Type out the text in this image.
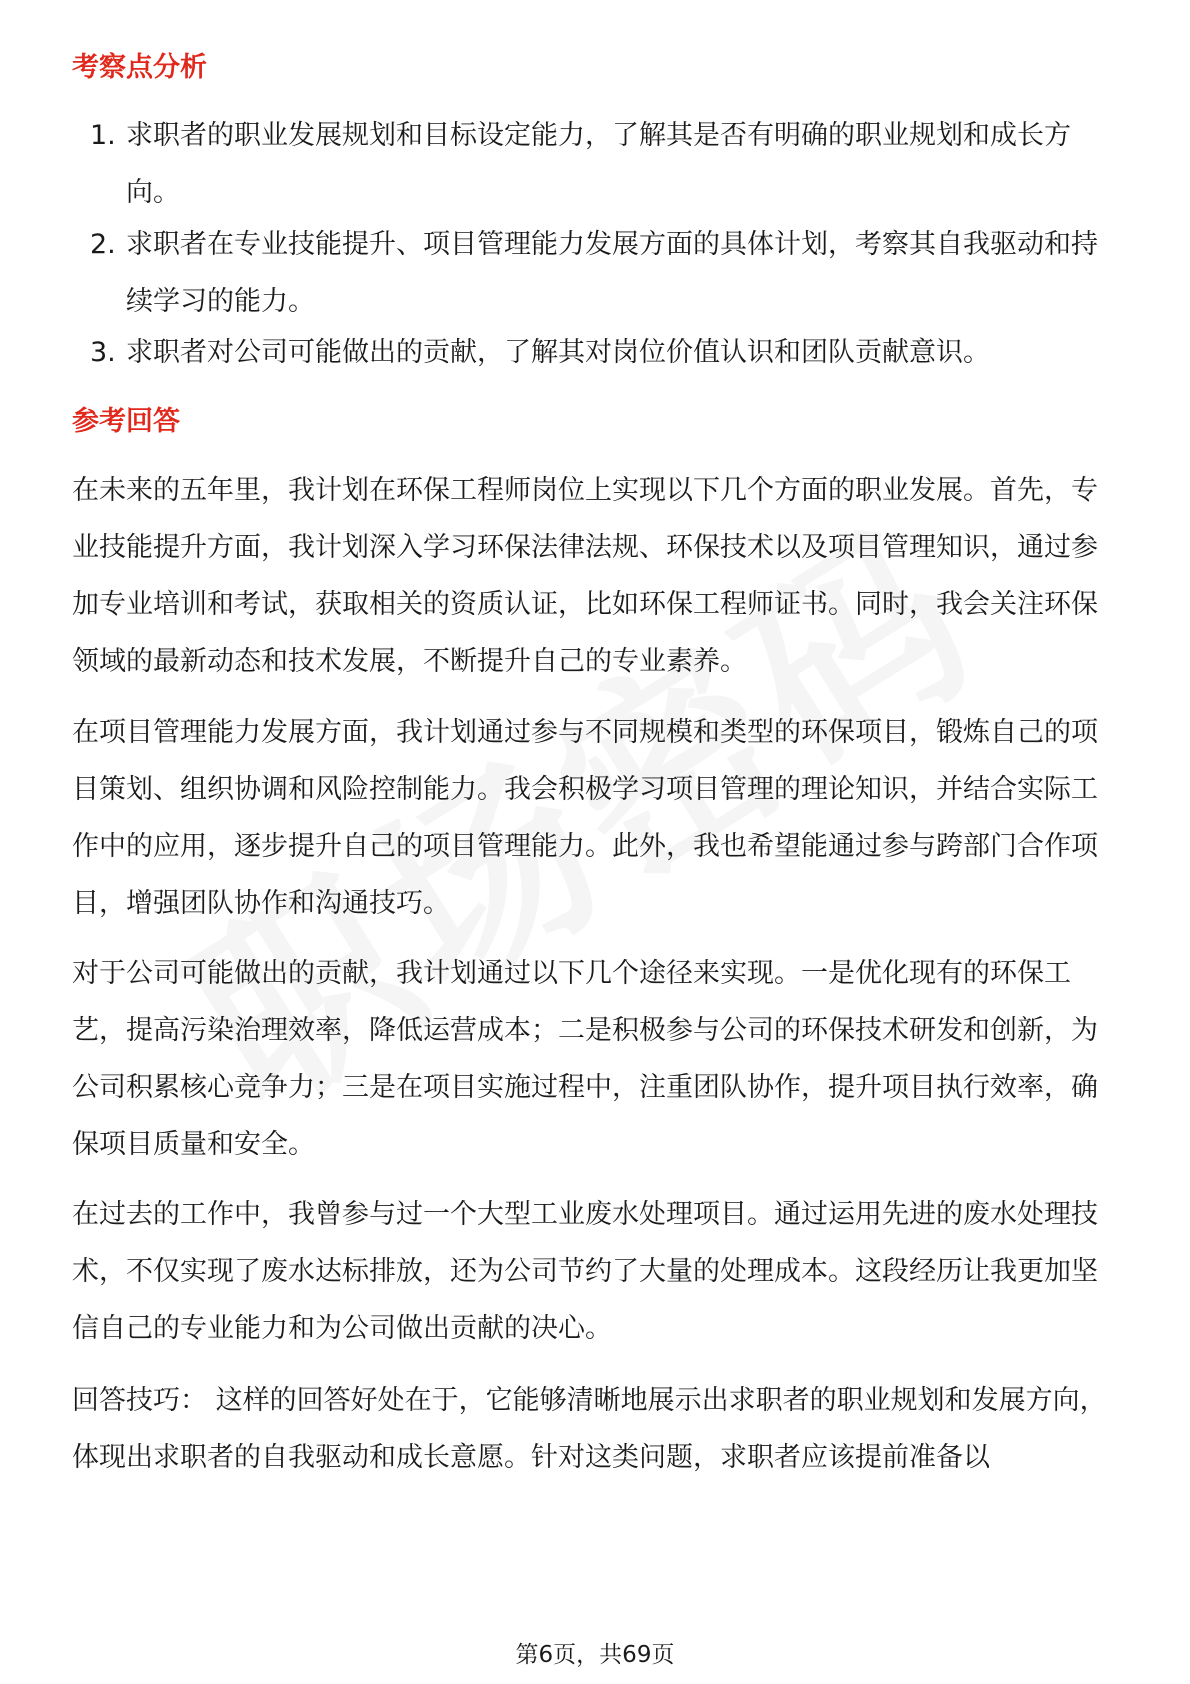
考察点分析
1. 求职者的职业发展规划和目标设定能力，了解其是否有明确的职业规划和成长方向。
2. 求职者在专业技能提升、项目管理能力发展方面的具体计划，考察其自我驱动和持续学习的能力。
3. 求职者对公司可能做出的贡献，了解其对岗位价值认识和团队贡献意识。
参考回答

在未来的五年里，我计划在环保工程师岗位上实现以下几个方面的职业发展。首先，专业技能提升方面，我计划深入学习环保法律法规、环保技术以及项目管理知识，通过参加专业培训和考试，获取相关的资质认证，比如环保工程师证书。同时，我会关注环保领域的最新动态和技术发展，不断提升自己的专业素养。

在项目管理能力发展方面，我计划通过参与不同规模和类型的环保项目，锻炼自己的项目策划、组织协调和风险控制能力。我会积极学习项目管理的理论知识，并结合实际工作中的应用，逐步提升自己的项目管理能力。此外，我也希望能通过参与跨部门合作项目，增强团队协作和沟通技巧。

对于公司可能做出的贡献，我计划通过以下几个途径来实现。一是优化现有的环保工艺，提高污染治理效率，降低运营成本；二是积极参与公司的环保技术研发和创新，为公司积累核心竞争力；三是在项目实施过程中，注重团队协作，提升项目执行效率，确保项目质量和安全。

在过去的工作中，我曾参与过一个大型工业废水处理项目。通过运用先进的废水处理技术，不仅实现了废水达标排放，还为公司节约了大量的处理成本。这段经历让我更加坚信自己的专业能力和为公司做出贡献的决心。

回答技巧： 这样的回答好处在于，它能够清晰地展示出求职者的职业规划和发展方向，体现出求职者的自我驱动和成长意愿。针对这类问题，求职者应该提前准备以

第6页，共69页
